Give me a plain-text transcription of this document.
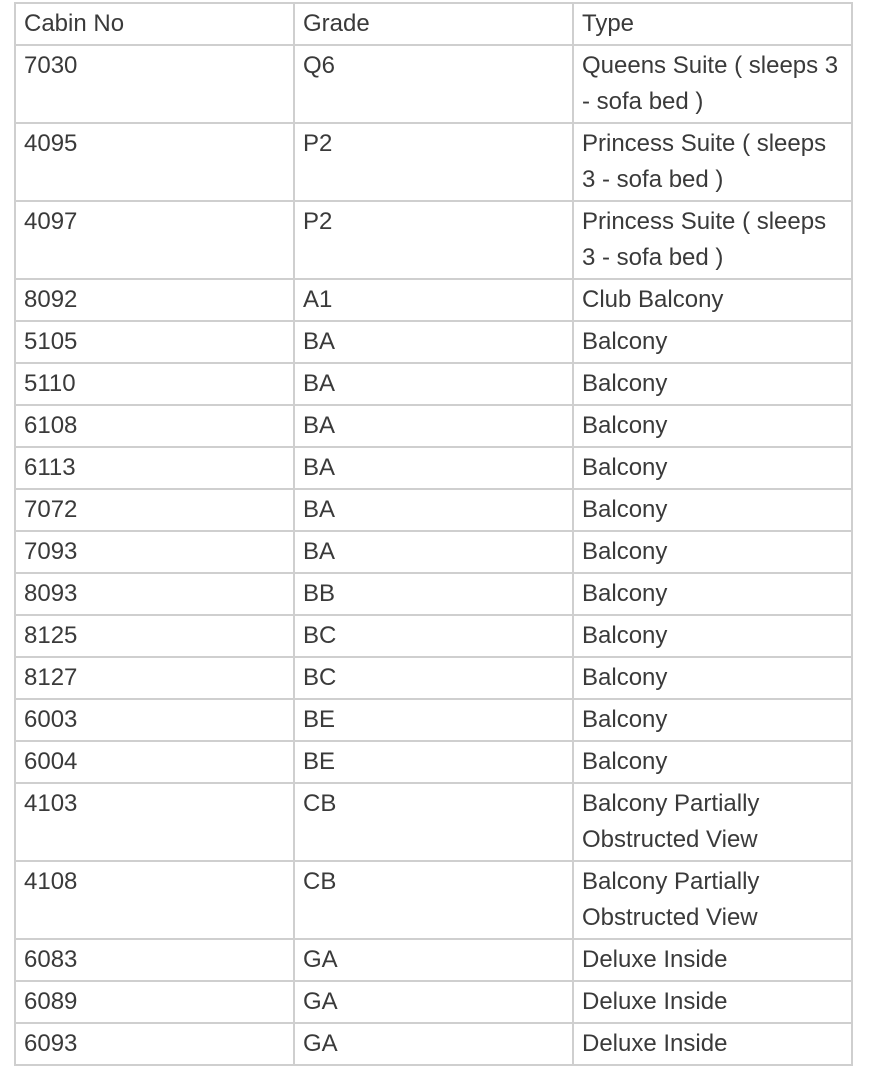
Cabin No	Grade	Type
7030	Q6	Queens Suite ( sleeps 3 - sofa bed )
4095	P2	Princess Suite ( sleeps 3 - sofa bed )
4097	P2	Princess Suite ( sleeps 3 - sofa bed )
8092	A1	Club Balcony
5105	BA	Balcony
5110	BA	Balcony
6108	BA	Balcony
6113	BA	Balcony
7072	BA	Balcony
7093	BA	Balcony
8093	BB	Balcony
8125	BC	Balcony
8127	BC	Balcony
6003	BE	Balcony
6004	BE	Balcony
4103	CB	Balcony Partially Obstructed View
4108	CB	Balcony Partially Obstructed View
6083	GA	Deluxe Inside
6089	GA	Deluxe Inside
6093	GA	Deluxe Inside
